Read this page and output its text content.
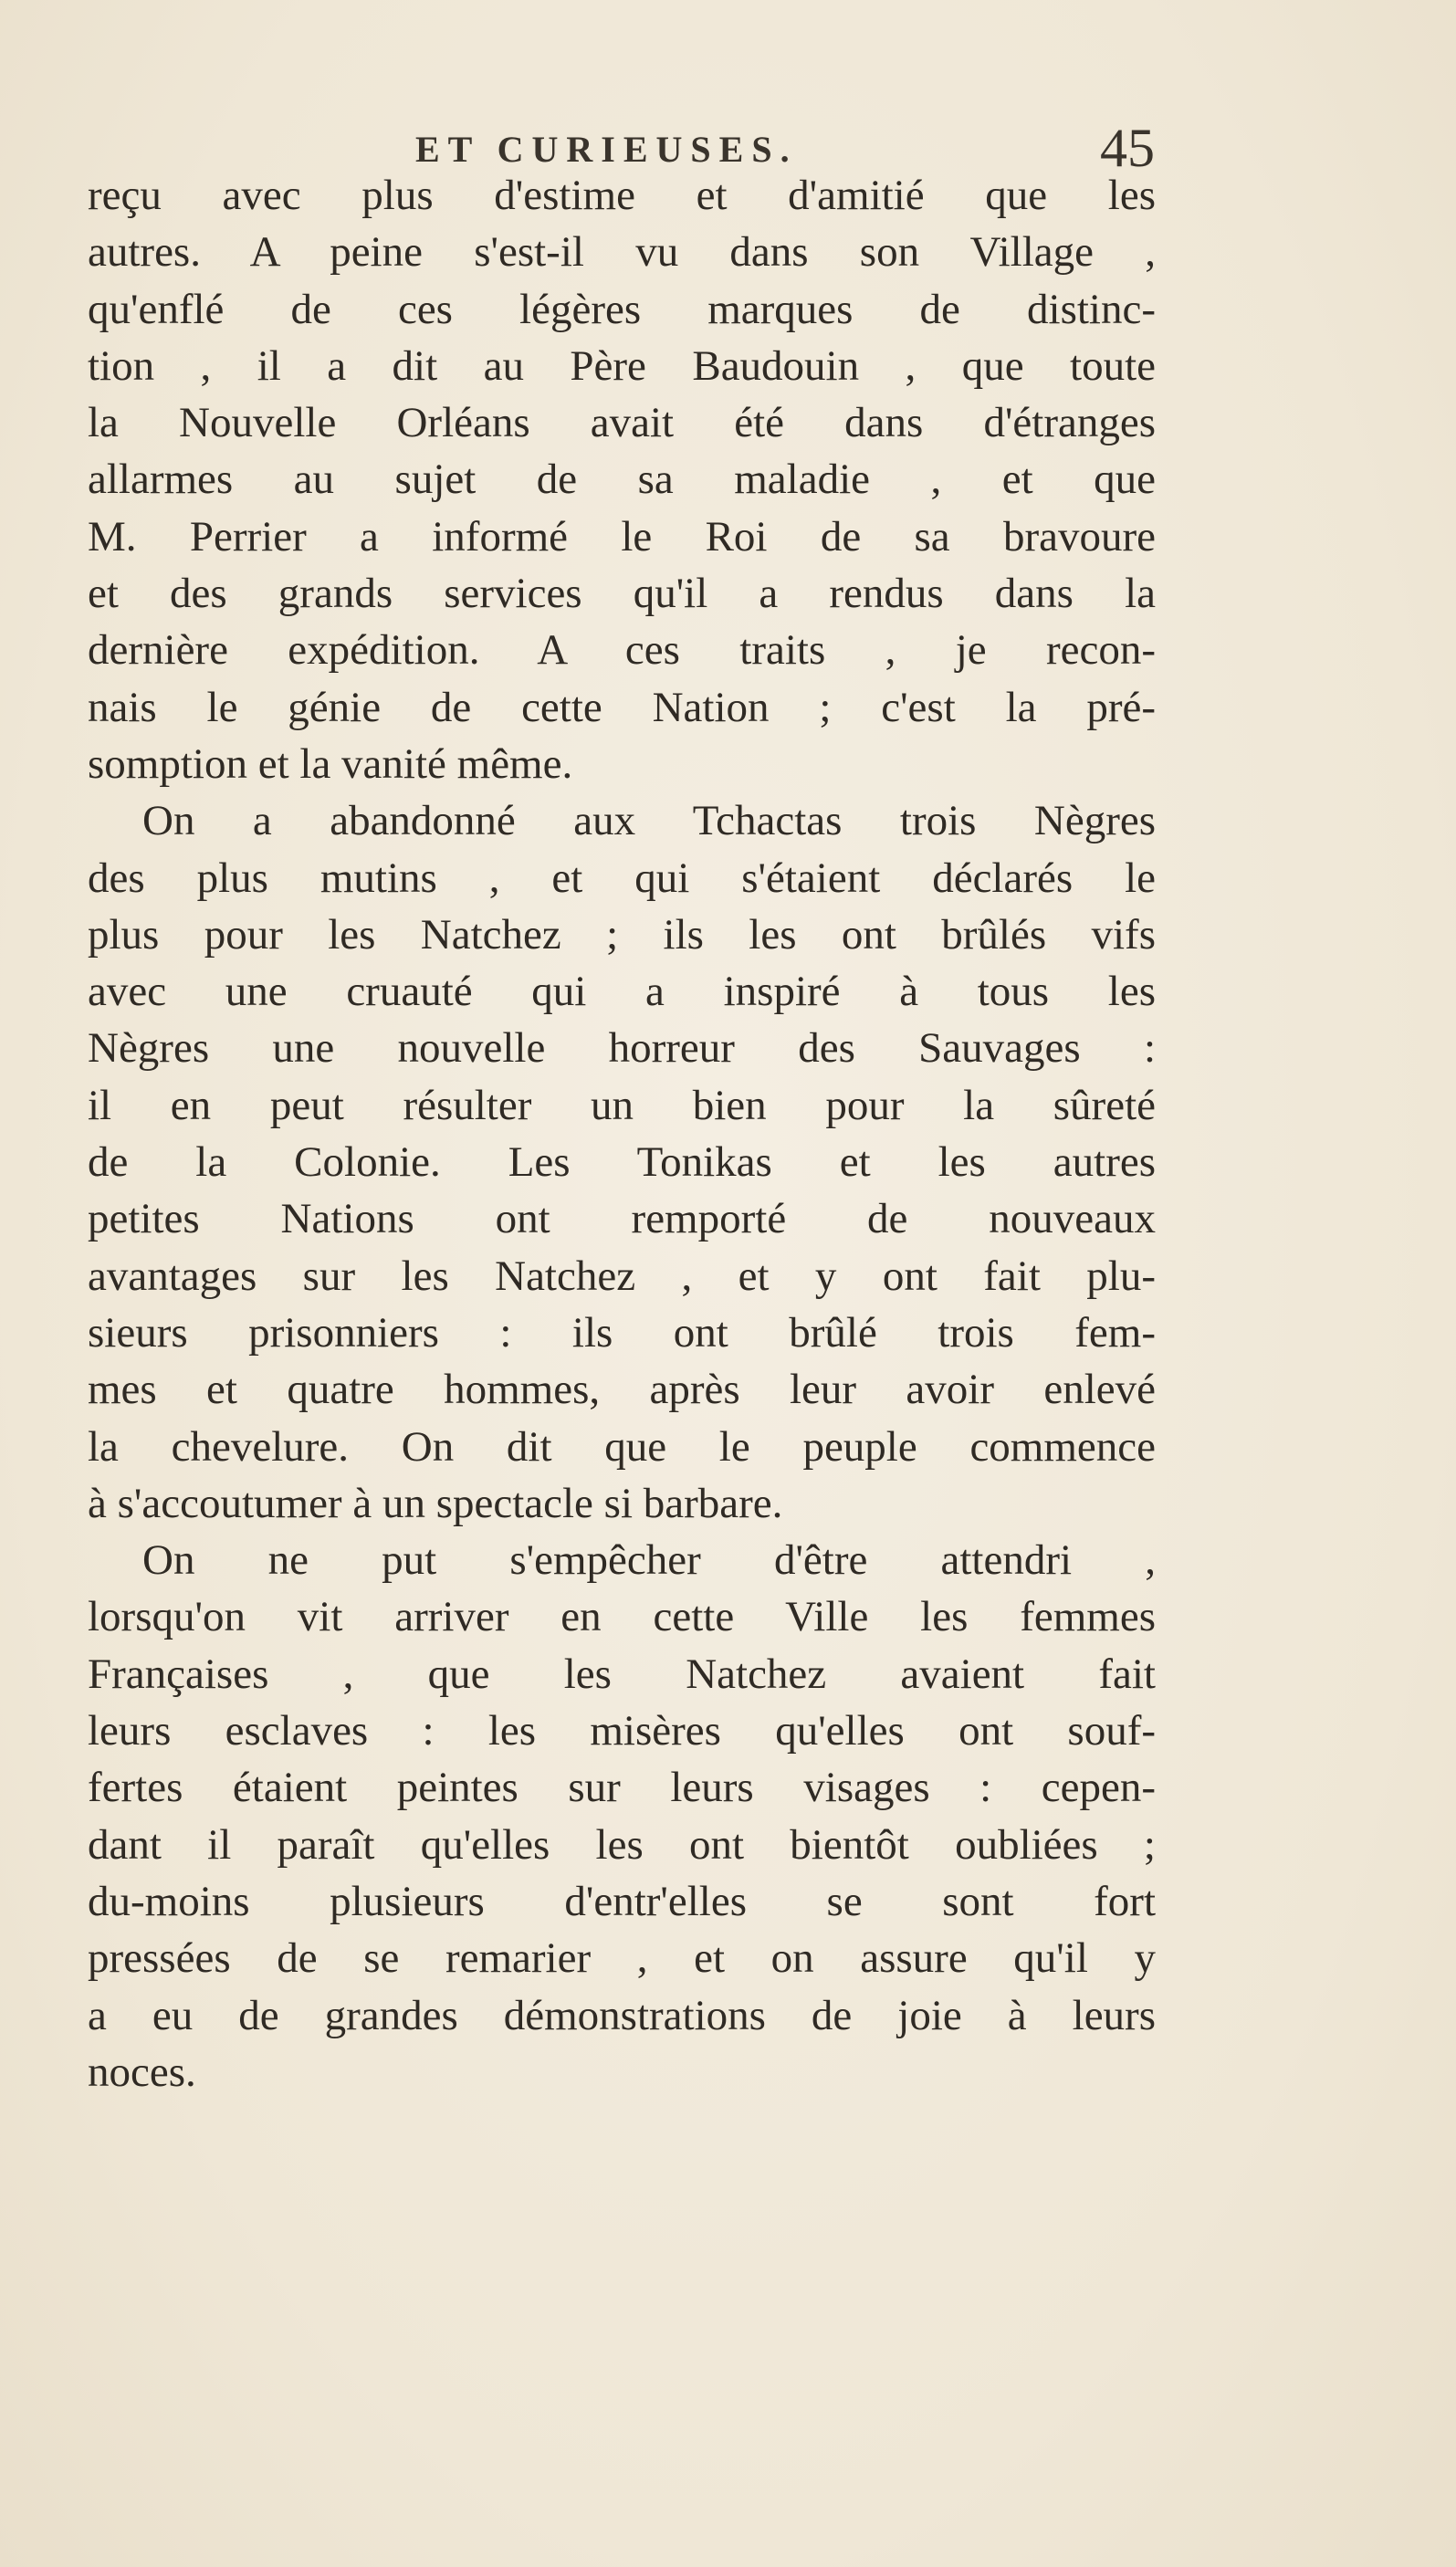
ET CURIEUSES.	45
reçu avec plus d'estime et d'amitié que les
autres. A peine s'est-il vu dans son Village ,
qu'enflé de ces légères marques de distinc-
tion , il a dit au Père Baudouin , que toute
la Nouvelle Orléans avait été dans d'étranges
allarmes au sujet de sa maladie , et que
M. Perrier a informé le Roi de sa bravoure
et des grands services qu'il a rendus dans la
dernière expédition. A ces traits , je recon-
nais le génie de cette Nation ; c'est la pré-
somption et la vanité même.
On a abandonné aux Tchactas trois Nègres
des plus mutins , et qui s'étaient déclarés le
plus pour les Natchez ; ils les ont brûlés vifs
avec une cruauté qui a inspiré à tous les
Nègres une nouvelle horreur des Sauvages :
il en peut résulter un bien pour la sûreté
de la Colonie. Les Tonikas et les autres
petites Nations ont remporté de nouveaux
avantages sur les Natchez , et y ont fait plu-
sieurs prisonniers : ils ont brûlé trois fem-
mes et quatre hommes, après leur avoir enlevé
la chevelure. On dit que le peuple commence
à s'accoutumer à un spectacle si barbare.
On ne put s'empêcher d'être attendri ,
lorsqu'on vit arriver en cette Ville les femmes
Françaises , que les Natchez avaient fait
leurs esclaves : les misères qu'elles ont souf-
fertes étaient peintes sur leurs visages : cepen-
dant il paraît qu'elles les ont bientôt oubliées ;
du-moins plusieurs d'entr'elles se sont fort
pressées de se remarier , et on assure qu'il y
a eu de grandes démonstrations de joie à leurs
noces.
